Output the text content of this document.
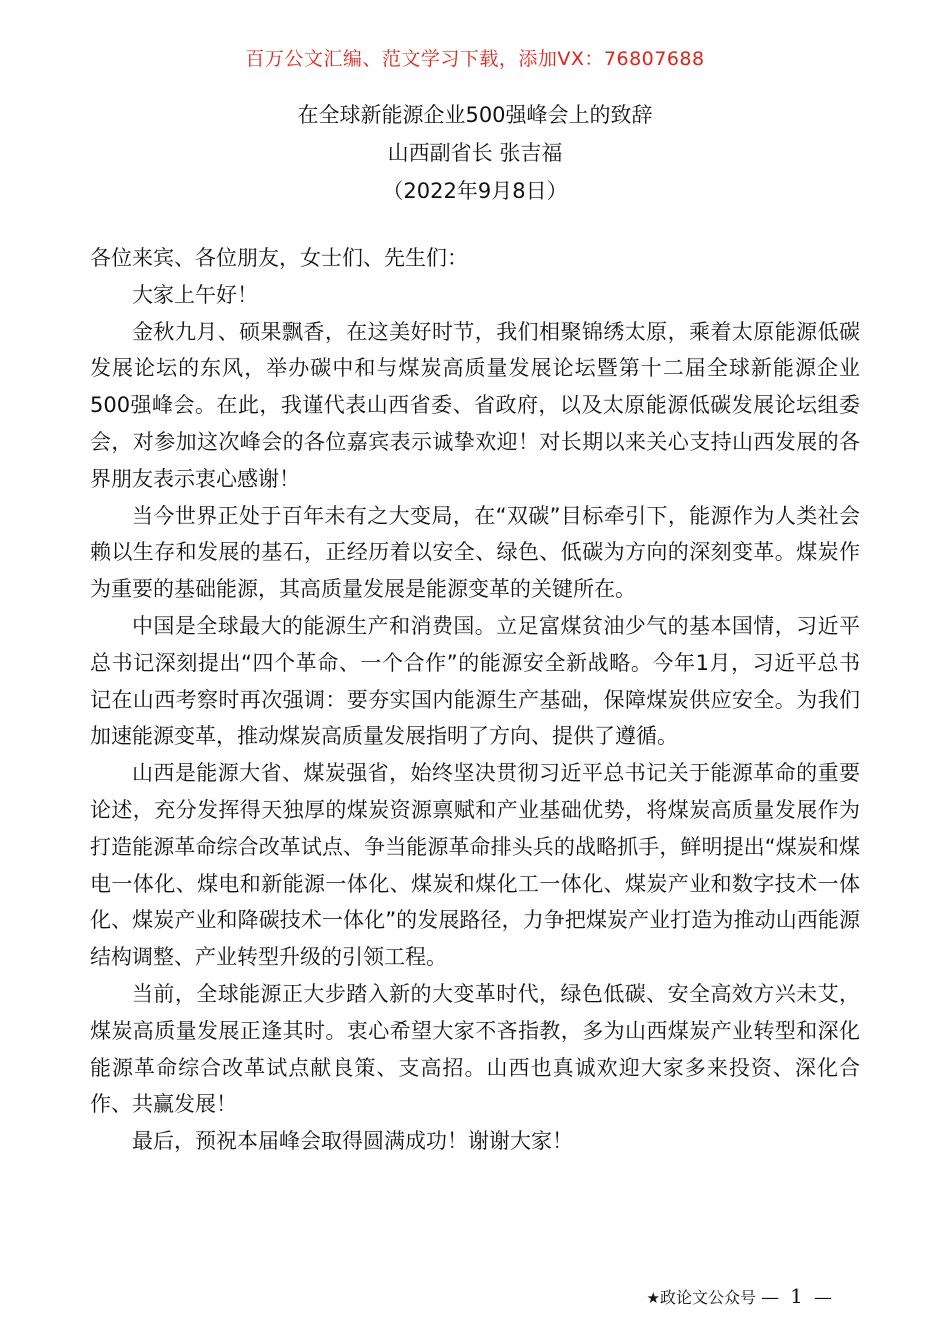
百万公文汇编、范文学习下载，添加VX：76807688
在全球新能源企业500强峰会上的致辞
山西副省长 张吉福
（2022年9月8日）

各位来宾、各位朋友，女士们、先生们：

大家上午好！

金秋九月、硕果飘香，在这美好时节，我们相聚锦绣太原，乘着太原能源低碳发展论坛的东风，举办碳中和与煤炭高质量发展论坛暨第十二届全球新能源企业500强峰会。在此，我谨代表山西省委、省政府，以及太原能源低碳发展论坛组委会，对参加这次峰会的各位嘉宾表示诚挚欢迎！对长期以来关心支持山西发展的各界朋友表示衷心感谢！

当今世界正处于百年未有之大变局，在“双碳”目标牵引下，能源作为人类社会赖以生存和发展的基石，正经历着以安全、绿色、低碳为方向的深刻变革。煤炭作为重要的基础能源，其高质量发展是能源变革的关键所在。

中国是全球最大的能源生产和消费国。立足富煤贫油少气的基本国情，习近平总书记深刻提出“四个革命、一个合作”的能源安全新战略。今年1月，习近平总书记在山西考察时再次强调：要夯实国内能源生产基础，保障煤炭供应安全。为我们加速能源变革，推动煤炭高质量发展指明了方向、提供了遵循。

山西是能源大省、煤炭强省，始终坚决贯彻习近平总书记关于能源革命的重要论述，充分发挥得天独厚的煤炭资源禀赋和产业基础优势，将煤炭高质量发展作为打造能源革命综合改革试点、争当能源革命排头兵的战略抓手，鲜明提出“煤炭和煤电一体化、煤电和新能源一体化、煤炭和煤化工一体化、煤炭产业和数字技术一体化、煤炭产业和降碳技术一体化”的发展路径，力争把煤炭产业打造为推动山西能源结构调整、产业转型升级的引领工程。

当前，全球能源正大步踏入新的大变革时代，绿色低碳、安全高效方兴未艾，煤炭高质量发展正逢其时。衷心希望大家不吝指教，多为山西煤炭产业转型和深化能源革命综合改革试点献良策、支高招。山西也真诚欢迎大家多来投资、深化合作、共赢发展！

最后，预祝本届峰会取得圆满成功！谢谢大家！

★政论文公众号 — 1 —
